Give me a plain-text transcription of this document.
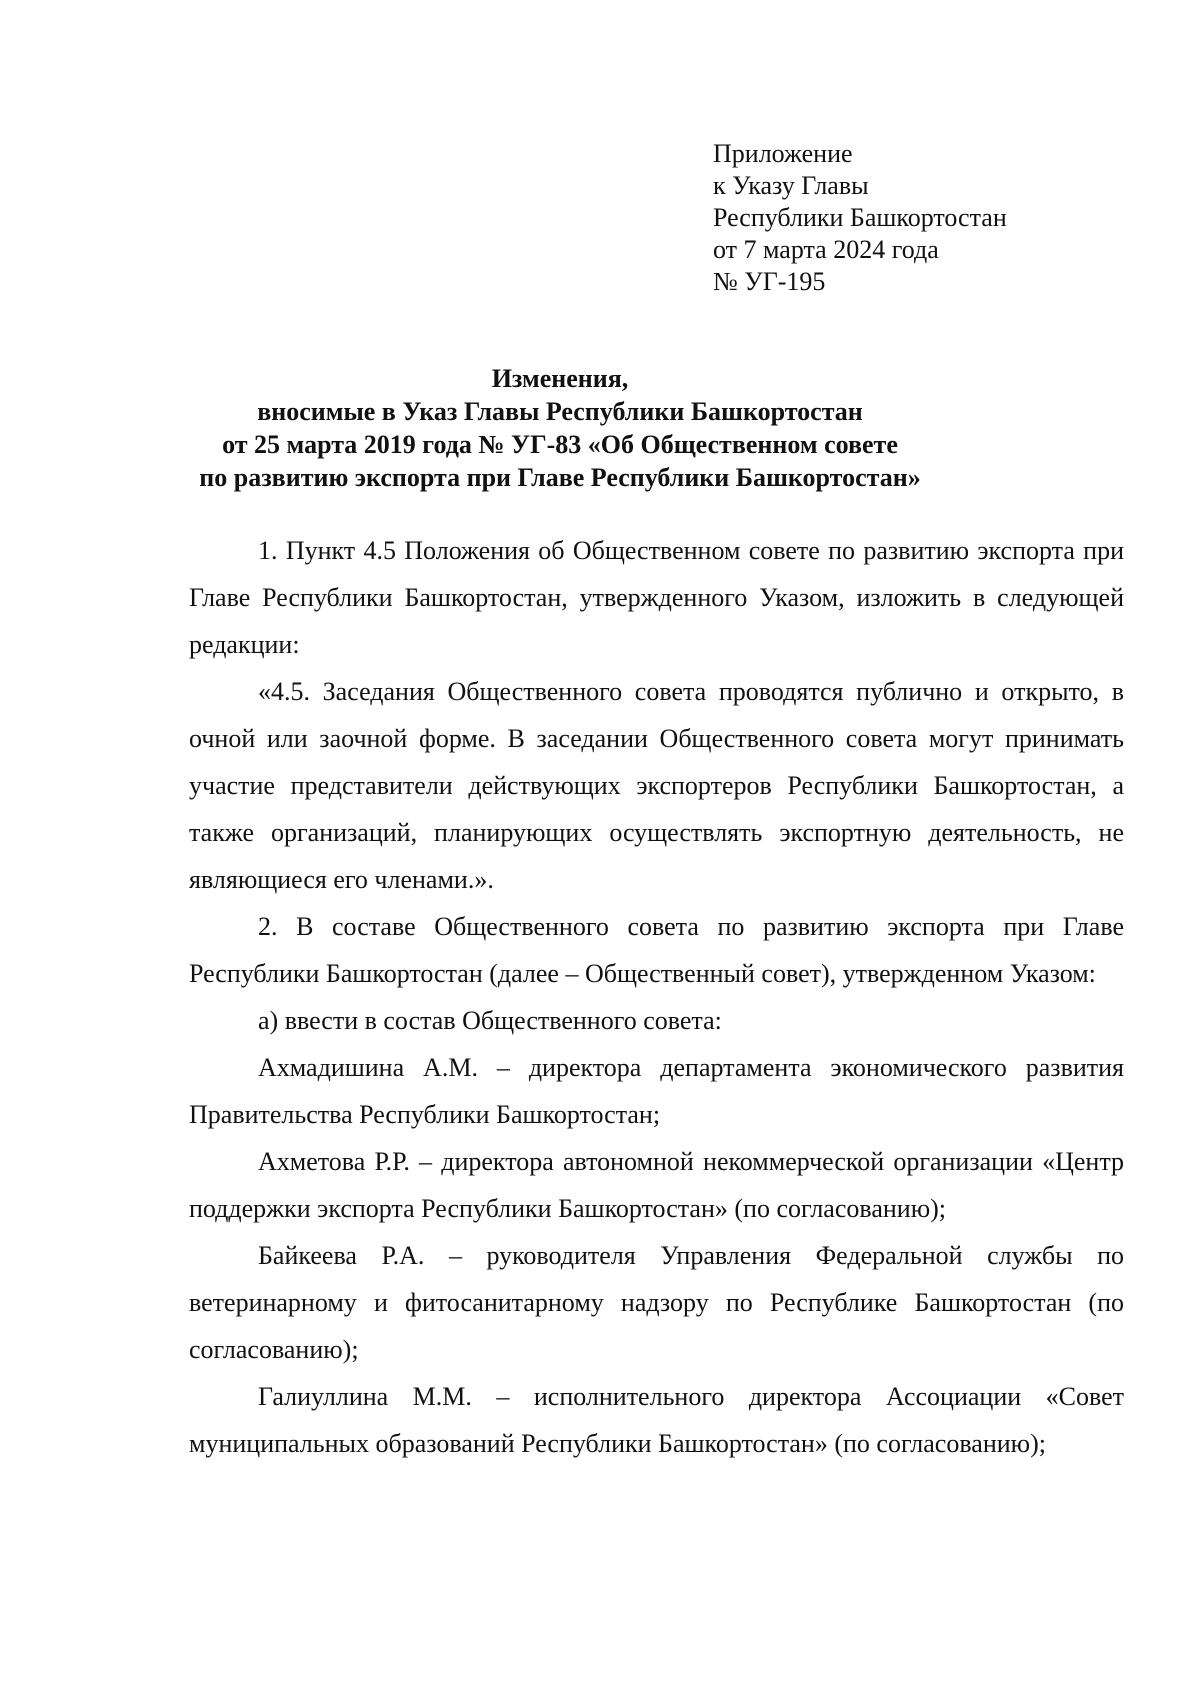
Приложение
к Указу Главы
Республики Башкортостан
от 7 марта 2024 года
№ УГ-195
Изменения,
вносимые в Указ Главы Республики Башкортостан
от 25 марта 2019 года № УГ-83 «Об Общественном совете
по развитию экспорта при Главе Республики Башкортостан»

1. Пункт 4.5 Положения об Общественном совете по развитию экспорта при Главе Республики Башкортостан, утвержденного Указом, изложить в следующей редакции:

«4.5. Заседания Общественного совета проводятся публично и открыто, в очной или заочной форме. В заседании Общественного совета могут принимать участие представители действующих экспортеров Республики Башкортостан, а также организаций, планирующих осуществлять экспортную деятельность, не являющиеся его членами.».

2. В составе Общественного совета по развитию экспорта при Главе Республики Башкортостан (далее – Общественный совет), утвержденном Указом:

а) ввести в состав Общественного совета:

Ахмадишина А.М. – директора департамента экономического развития Правительства Республики Башкортостан;

Ахметова Р.Р. – директора автономной некоммерческой организации «Центр поддержки экспорта Республики Башкортостан» (по согласованию);

Байкеева Р.А. – руководителя Управления Федеральной службы по ветеринарному и фитосанитарному надзору по Республике Башкортостан (по согласованию);

Галиуллина М.М. – исполнительного директора Ассоциации «Совет муниципальных образований Республики Башкортостан» (по согласованию);
